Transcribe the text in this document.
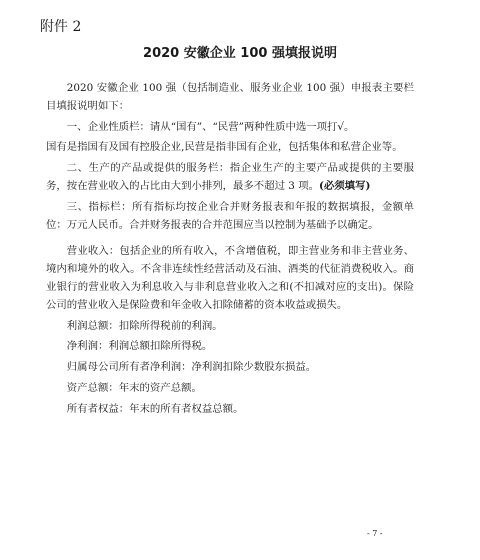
附件 2
2020 安徽企业 100 强填报说明

2020 安徽企业 100 强（包括制造业、服务业企业 100 强）申报表主要栏目填报说明如下：

一、企业性质栏：请从“国有”、“民营”两种性质中选一项打√。

国有是指国有及国有控股企业,民营是指非国有企业，包括集体和私营企业等。

二、生产的产品或提供的服务栏：指企业生产的主要产品或提供的主要服务，按在营业收入的占比由大到小排列，最多不超过 3 项。(必须填写)

三、指标栏：所有指标均按企业合并财务报表和年报的数据填报，金额单位：万元人民币。合并财务报表的合并范围应当以控制为基础予以确定。

营业收入：包括企业的所有收入，不含增值税，即主营业务和非主营业务、境内和境外的收入。不含非连续性经营活动及石油、酒类的代征消费税收入。商业银行的营业收入为利息收入与非利息营业收入之和(不扣减对应的支出)。保险公司的营业收入是保险费和年金收入扣除储蓄的资本收益或损失。

利润总额：扣除所得税前的利润。

净利润：利润总额扣除所得税。

归属母公司所有者净利润：净利润扣除少数股东损益。

资产总额：年末的资产总额。

所有者权益：年末的所有者权益总额。

- 7 -
